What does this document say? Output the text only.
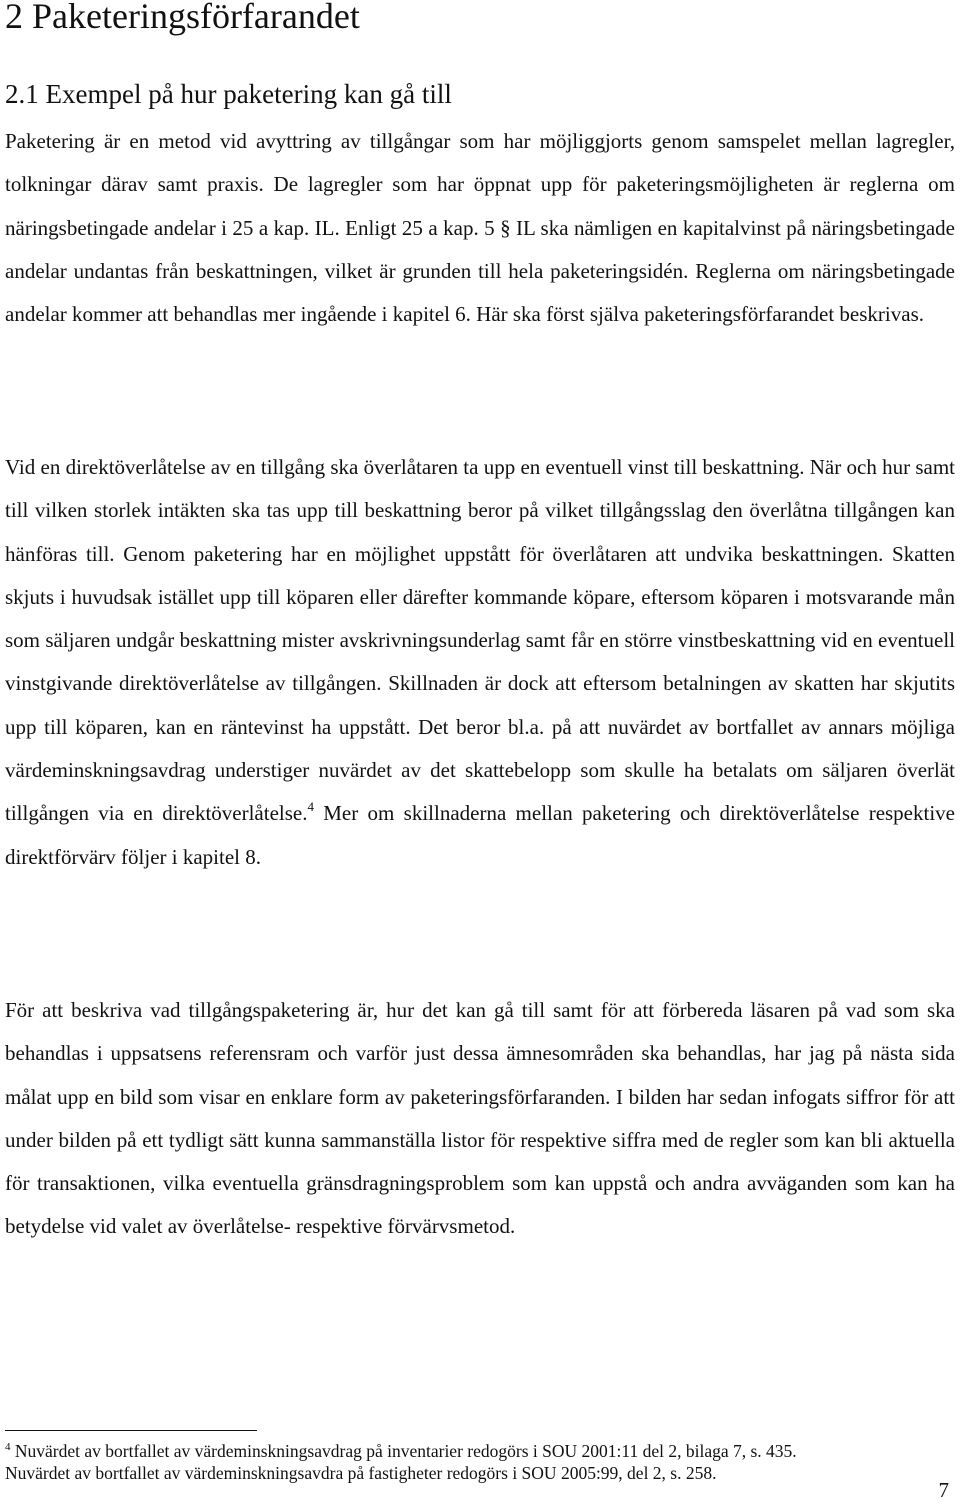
2 Paketeringsförfarandet
2.1 Exempel på hur paketering kan gå till

Paketering är en metod vid avyttring av tillgångar som har möjliggjorts genom samspelet mellan lagregler, tolkningar därav samt praxis. De lagregler som har öppnat upp för paketeringsmöjligheten är reglerna om näringsbetingade andelar i 25 a kap. IL. Enligt 25 a kap. 5 § IL ska nämligen en kapitalvinst på näringsbetingade andelar undantas från beskattningen, vilket är grunden till hela paketeringsidén. Reglerna om näringsbetingade andelar kommer att behandlas mer ingående i kapitel 6. Här ska först själva paketeringsförfarandet beskrivas.

Vid en direktöverlåtelse av en tillgång ska överlåtaren ta upp en eventuell vinst till beskattning. När och hur samt till vilken storlek intäkten ska tas upp till beskattning beror på vilket tillgångsslag den överlåtna tillgången kan hänföras till. Genom paketering har en möjlighet uppstått för överlåtaren att undvika beskattningen. Skatten skjuts i huvudsak istället upp till köparen eller därefter kommande köpare, eftersom köparen i motsvarande mån som säljaren undgår beskattning mister avskrivningsunderlag samt får en större vinstbeskattning vid en eventuell vinstgivande direktöverlåtelse av tillgången. Skillnaden är dock att eftersom betalningen av skatten har skjutits upp till köparen, kan en räntevinst ha uppstått. Det beror bl.a. på att nuvärdet av bortfallet av annars möjliga värdeminskningsavdrag understiger nuvärdet av det skattebelopp som skulle ha betalats om säljaren överlät tillgången via en direktöverlåtelse.$^4$ Mer om skillnaderna mellan paketering och direktöverlåtelse respektive direktförvärv följer i kapitel 8.

För att beskriva vad tillgångspaketering är, hur det kan gå till samt för att förbereda läsaren på vad som ska behandlas i uppsatsens referensram och varför just dessa ämnesområden ska behandlas, har jag på nästa sida målat upp en bild som visar en enklare form av paketeringsförfaranden. I bilden har sedan infogats siffror för att under bilden på ett tydligt sätt kunna sammanställa listor för respektive siffra med de regler som kan bli aktuella för transaktionen, vilka eventuella gränsdragningsproblem som kan uppstå och andra avväganden som kan ha betydelse vid valet av överlåtelse- respektive förvärvsmetod.

$^4$ Nuvärdet av bortfallet av värdeminskningsavdrag på inventarier redogörs i SOU 2001:11 del 2, bilaga 7, s. 435.
Nuvärdet av bortfallet av värdeminskningsavdra på fastigheter redogörs i SOU 2005:99, del 2, s. 258.
7
